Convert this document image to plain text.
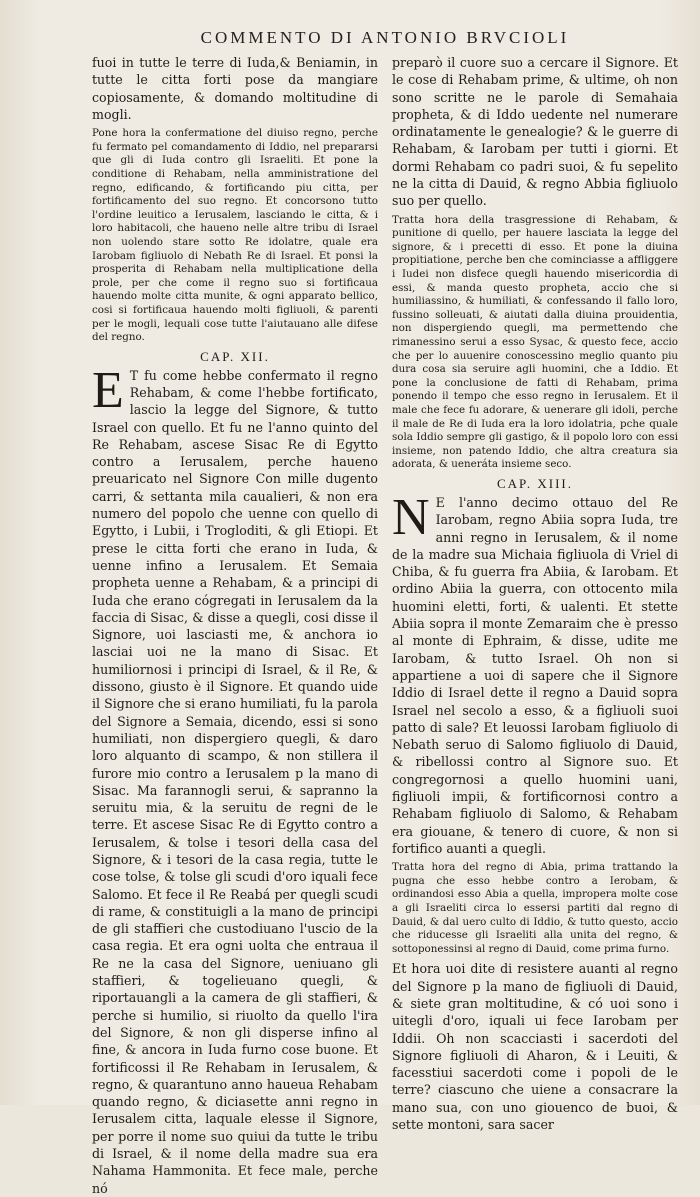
COMMENTO DI ANTONIO BRVCIOLI

fuoi in tutte le terre di Iuda,& Beniamin, in tutte le citta forti pose da mangiare copiosamente, & domando moltitudine di mogli.

Pone hora la confermatione del diuiso regno, perche fu fermato pel comandamento di Iddio, nel prepararsi que gli di Iuda contro gli Israeliti. Et pone la conditione di Rehabam, nella amministratione del regno, edificando, & fortificando piu citta, per fortificamento del suo regno. Et concorsono tutto l'ordine leuitico a Ierusalem, lasciando le citta, & i loro habitacoli, che haueno nelle altre tribu di Israel non uolendo stare sotto Re idolatre, quale era Iarobam figliuolo di Nebath Re di Israel. Et ponsi la prosperita di Rehabam nella multiplicatione della prole, per che come il regno suo si fortificaua hauendo molte citta munite, & ogni apparato bellico, cosi si fortificaua hauendo molti figliuoli, & parenti per le mogli, lequali cose tutte l'aiutauano alle difese del regno.

CAP. XII.

E T fu come hebbe confermato il regno Rehabam, & come l'hebbe fortificato, lascio la legge del Signore, & tutto Israel con quello. Et fu ne l'anno quinto del Re Rehabam, ascese Sisac Re di Egytto contro a Ierusalem, perche haueno preuaricato nel Signore Con mille dugento carri, & settanta mila caualieri, & non era numero del popolo che uenne con quello di Egytto, i Lubii, i Trogloditi, & gli Etiopi. Et prese le citta forti che erano in Iuda, & uenne infino a Ierusalem. Et Semaia propheta uenne a Rehabam, & a principi di Iuda che erano cógregati in Ierusalem da la faccia di Sisac, & disse a quegli, cosi disse il Signore, uoi lasciasti me, & anchora io lasciai uoi ne la mano di Sisac. Et humiliornosi i principi di Israel, & il Re, & dissono, giusto è il Signore. Et quando uide il Signore che si erano humiliati, fu la parola del Signore a Semaia, dicendo, essi si sono humiliati, non dispergiero quegli, & daro loro alquanto di scampo, & non stillera il furore mio contro a Ierusalem p la mano di Sisac. Ma farannogli serui, & sapranno la seruitu mia, & la seruitu de regni de le terre. Et ascese Sisac Re di Egytto contro a Ierusalem, & tolse i tesori della casa del Signore, & i tesori de la casa regia, tutte le cose tolse, & tolse gli scudi d'oro iquali fece Salomo. Et fece il Re Reabá per quegli scudi di rame, & constituigli a la mano de principi de gli staffieri che custodiuano l'uscio de la casa regia. Et era ogni uolta che entraua il Re ne la casa del Signore, ueniuano gli staffieri, & togelieuano quegli, & riportauangli a la camera de gli staffieri, & perche si humilio, si riuolto da quello l'ira del Signore, & non gli disperse infino al fine, & ancora in Iuda furno cose buone. Et fortificossi il Re Rehabam in Ierusalem, & regno, & quarantuno anno haueua Rehabam quando regno, & diciasette anni regno in Ierusalem citta, laquale elesse il Signore, per porre il nome suo quiui da tutte le tribu di Israel, & il nome della madre sua era Nahama Hammonita. Et fece male, perche nó

preparò il cuore suo a cercare il Signore. Et le cose di Rehabam prime, & ultime, oh non sono scritte ne le parole di Semahaia propheta, & di Iddo uedente nel numerare ordinatamente le genealogie? & le guerre di Rehabam, & Iarobam per tutti i giorni. Et dormi Rehabam co padri suoi, & fu sepelito ne la citta di Dauid, & regno Abbia figliuolo suo per quello.

Tratta hora della trasgressione di Rehabam, & punitione di quello, per hauere lasciata la legge del signore, & i precetti di esso. Et pone la diuina propitiatione, perche ben che cominciasse a affliggere i Iudei non disfece quegli hauendo misericordia di essi, & manda questo propheta, accio che si humiliassino, & humiliati, & confessando il fallo loro, fussino solleuati, & aiutati dalla diuina prouidentia, non dispergiendo quegli, ma permettendo che rimanessino serui a esso Sysac, & questo fece, accio che per lo auuenire conoscessino meglio quanto piu dura cosa sia seruire agli huomini, che a Iddio. Et pone la conclusione de fatti di Rehabam, prima ponendo il tempo che esso regno in Ierusalem. Et il male che fece fu adorare, & uenerare gli idoli, perche il male de Re di Iuda era la loro idolatria, pche quale sola Iddio sempre gli gastigo, & il popolo loro con essi insieme, non patendo Iddio, che altra creatura sia adorata, & ueneráta insieme seco.

CAP. XIII.

N E l'anno decimo ottauo del Re Iarobam, regno Abiia sopra Iuda, tre anni regno in Ierusalem, & il nome de la madre sua Michaia figliuola di Vriel di Chiba, & fu guerra fra Abiia, & Iarobam. Et ordino Abiia la guerra, con ottocento mila huomini eletti, forti, & ualenti. Et stette Abiia sopra il monte Zemaraim che è presso al monte di Ephraim, & disse, udite me Iarobam, & tutto Israel. Oh non si appartiene a uoi di sapere che il Signore Iddio di Israel dette il regno a Dauid sopra Israel nel secolo a esso, & a figliuoli suoi patto di sale? Et leuossi Iarobam figliuolo di Nebath seruo di Salomo figliuolo di Dauid, & ribellossi contro al Signore suo. Et congregornosi a quello huomini uani, figliuoli impii, & fortificornosi contro a Rehabam figliuolo di Salomo, & Rehabam era giouane, & tenero di cuore, & non si fortifico auanti a quegli.

Tratta hora del regno di Abia, prima trattando la pugna che esso hebbe contro a Ierobam, & ordinandosi esso Abia a quella, impropera molte cose a gli Israeliti circa lo essersi partiti dal regno di Dauid, & dal uero culto di Iddio, & tutto questo, accio che riducesse gli Israeliti alla unita del regno, & sottoponessinsi al regno di Dauid, come prima furno.

Et hora uoi dite di resistere auanti al regno del Signore p la mano de figliuoli di Dauid, & siete gran moltitudine, & có uoi sono i uitegli d'oro, iquali ui fece Iarobam per Iddii. Oh non scacciasti i sacerdoti del Signore figliuoli di Aharon, & i Leuiti, & facesstiui sacerdoti come i popoli de le terre? ciascuno che uiene a consacrare la mano sua, con uno giouenco de buoi, & sette montoni, sara sacer
